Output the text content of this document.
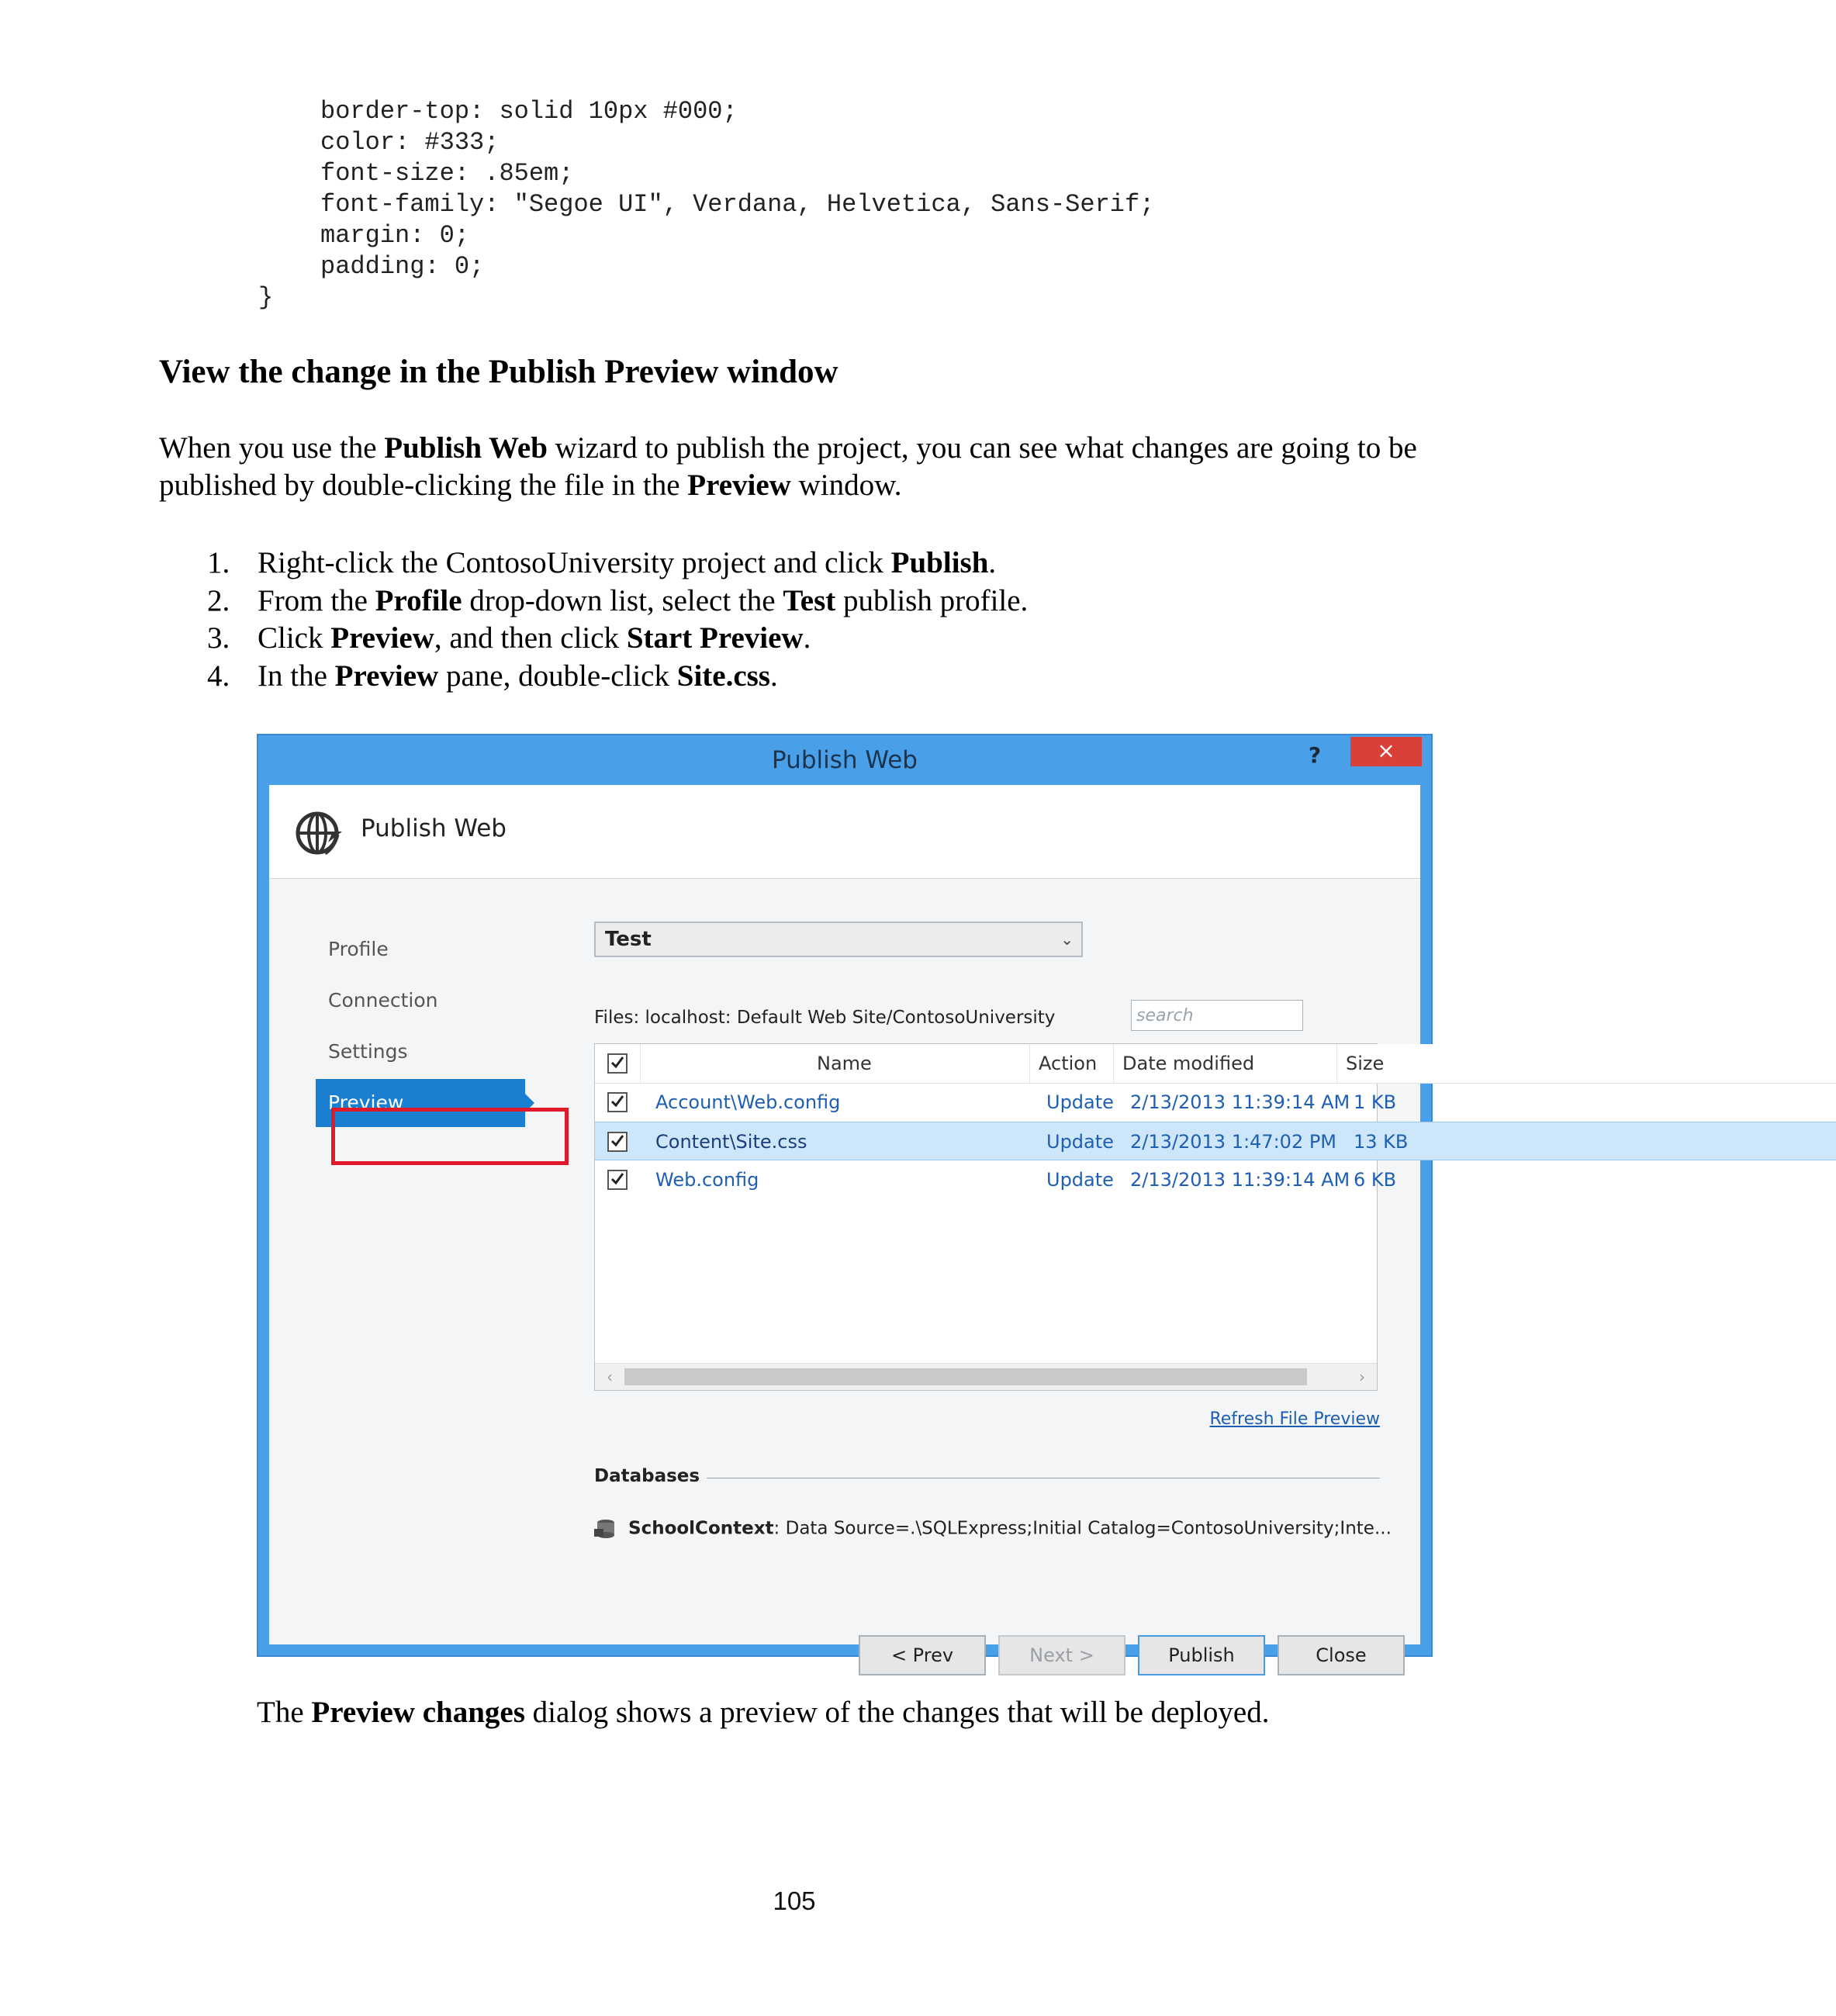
border-top: solid 10px #000;
color: #333;
font-size: .85em;
font-family: "Segoe UI", Verdana, Helvetica, Sans-Serif;
margin: 0;
padding: 0;
}
View the change in the Publish Preview window

When you use the Publish Web wizard to publish the project, you can see what changes are going to be published by double-clicking the file in the Preview window.

1. Right-click the ContosoUniversity project and click Publish.
2. From the Profile drop-down list, select the Test publish profile.
3. Click Preview, and then click Start Preview.
4. In the Preview pane, double-click Site.css.
Publish Web	?	×
Publish Web
Profile
Connection
Settings
Preview
Test	⌄
Files: localhost: Default Web Site/ContosoUniversity
search
Name	Action Date modified	Size
Account\Web.config	Update 2/13/2013 11:39:14 AM 1 KB
Content\Site.css	Update 2/13/2013 1:47:02 PM 13 KB
Web.config	Update 2/13/2013 11:39:14 AM 6 KB
‹	›
Refresh File Preview
Databases
SchoolContext: Data Source=.\SQLExpress;Initial Catalog=ContosoUniversity;Inte...
< Prev	Next >	Publish	Close

The Preview changes dialog shows a preview of the changes that will be deployed.

105
